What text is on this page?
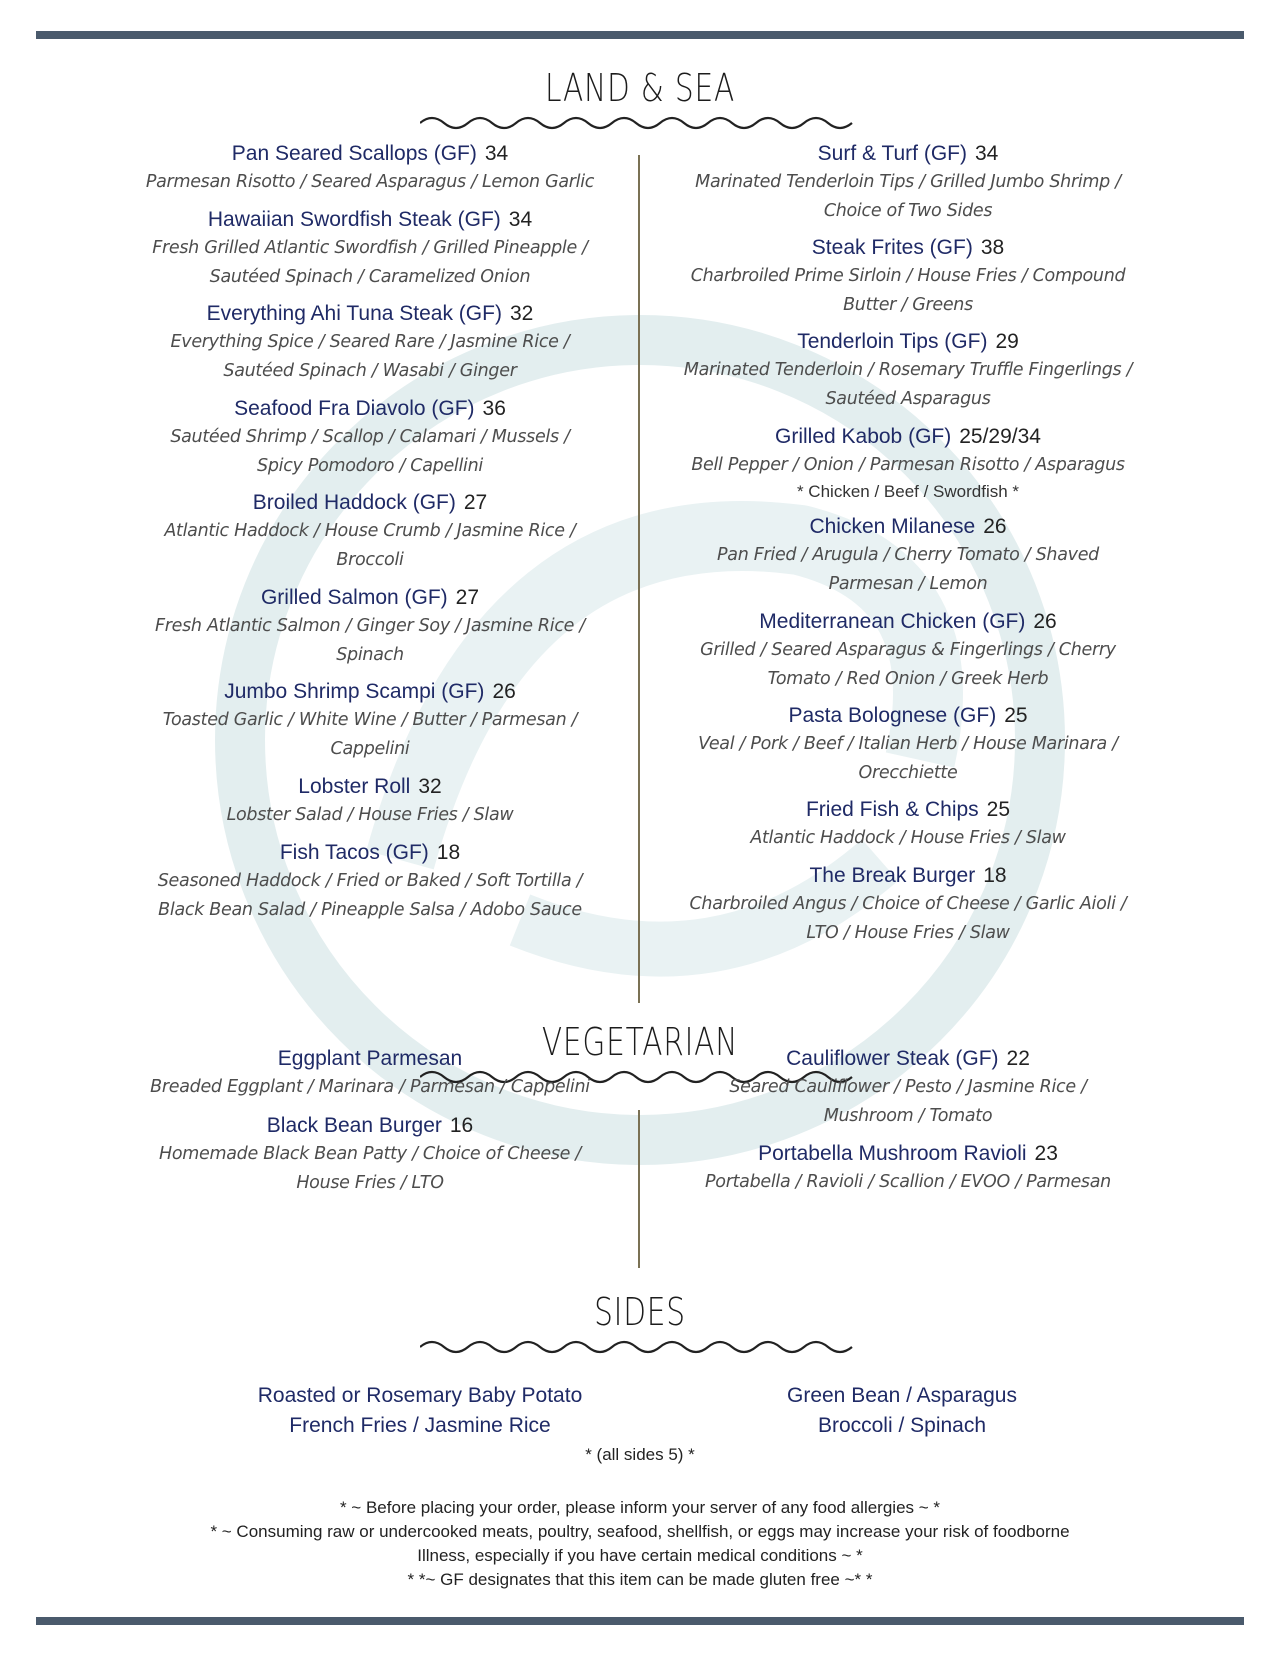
LAND & SEA
Pan Seared Scallops (GF) 34
Parmesan Risotto / Seared Asparagus / Lemon Garlic
Hawaiian Swordfish Steak (GF) 34
Fresh Grilled Atlantic Swordfish / Grilled Pineapple /
Sautéed Spinach / Caramelized Onion
Everything Ahi Tuna Steak (GF) 32
Everything Spice / Seared Rare / Jasmine Rice /
Sautéed Spinach / Wasabi / Ginger
Seafood Fra Diavolo (GF) 36
Sautéed Shrimp / Scallop / Calamari / Mussels /
Spicy Pomodoro / Capellini
Broiled Haddock (GF) 27
Atlantic Haddock / House Crumb / Jasmine Rice /
Broccoli
Grilled Salmon (GF) 27
Fresh Atlantic Salmon / Ginger Soy / Jasmine Rice /
Spinach
Jumbo Shrimp Scampi (GF) 26
Toasted Garlic / White Wine / Butter / Parmesan /
Cappelini
Lobster Roll 32
Lobster Salad / House Fries / Slaw
Fish Tacos (GF) 18
Seasoned Haddock / Fried or Baked / Soft Tortilla /
Black Bean Salad / Pineapple Salsa / Adobo Sauce
Surf & Turf (GF) 34
Marinated Tenderloin Tips / Grilled Jumbo Shrimp /
Choice of Two Sides
Steak Frites (GF) 38
Charbroiled Prime Sirloin / House Fries / Compound
Butter / Greens
Tenderloin Tips (GF) 29
Marinated Tenderloin / Rosemary Truffle Fingerlings /
Sautéed Asparagus
Grilled Kabob (GF) 25/29/34
Bell Pepper / Onion / Parmesan Risotto / Asparagus
* Chicken / Beef / Swordfish *
Chicken Milanese 26
Pan Fried / Arugula / Cherry Tomato / Shaved
Parmesan / Lemon
Mediterranean Chicken (GF) 26
Grilled / Seared Asparagus & Fingerlings / Cherry
Tomato / Red Onion / Greek Herb
Pasta Bolognese (GF) 25
Veal / Pork / Beef / Italian Herb / House Marinara /
Orecchiette
Fried Fish & Chips 25
Atlantic Haddock / House Fries / Slaw
The Break Burger 18
Charbroiled Angus / Choice of Cheese / Garlic Aioli /
LTO / House Fries / Slaw
VEGETARIAN
Eggplant Parmesan
Breaded Eggplant / Marinara / Parmesan / Cappelini
Black Bean Burger 16
Homemade Black Bean Patty / Choice of Cheese /
House Fries / LTO
Cauliflower Steak (GF) 22
Seared Cauliflower / Pesto / Jasmine Rice /
Mushroom / Tomato
Portabella Mushroom Ravioli 23
Portabella / Ravioli / Scallion / EVOO / Parmesan
SIDES
Roasted or Rosemary Baby Potato
French Fries / Jasmine Rice
Green Bean / Asparagus
Broccoli / Spinach
* (all sides 5) *
* ~ Before placing your order, please inform your server of any food allergies ~ *
* ~ Consuming raw or undercooked meats, poultry, seafood, shellfish, or eggs may increase your risk of foodborne
Illness, especially if you have certain medical conditions ~ *
* *~ GF designates that this item can be made gluten free ~* *
